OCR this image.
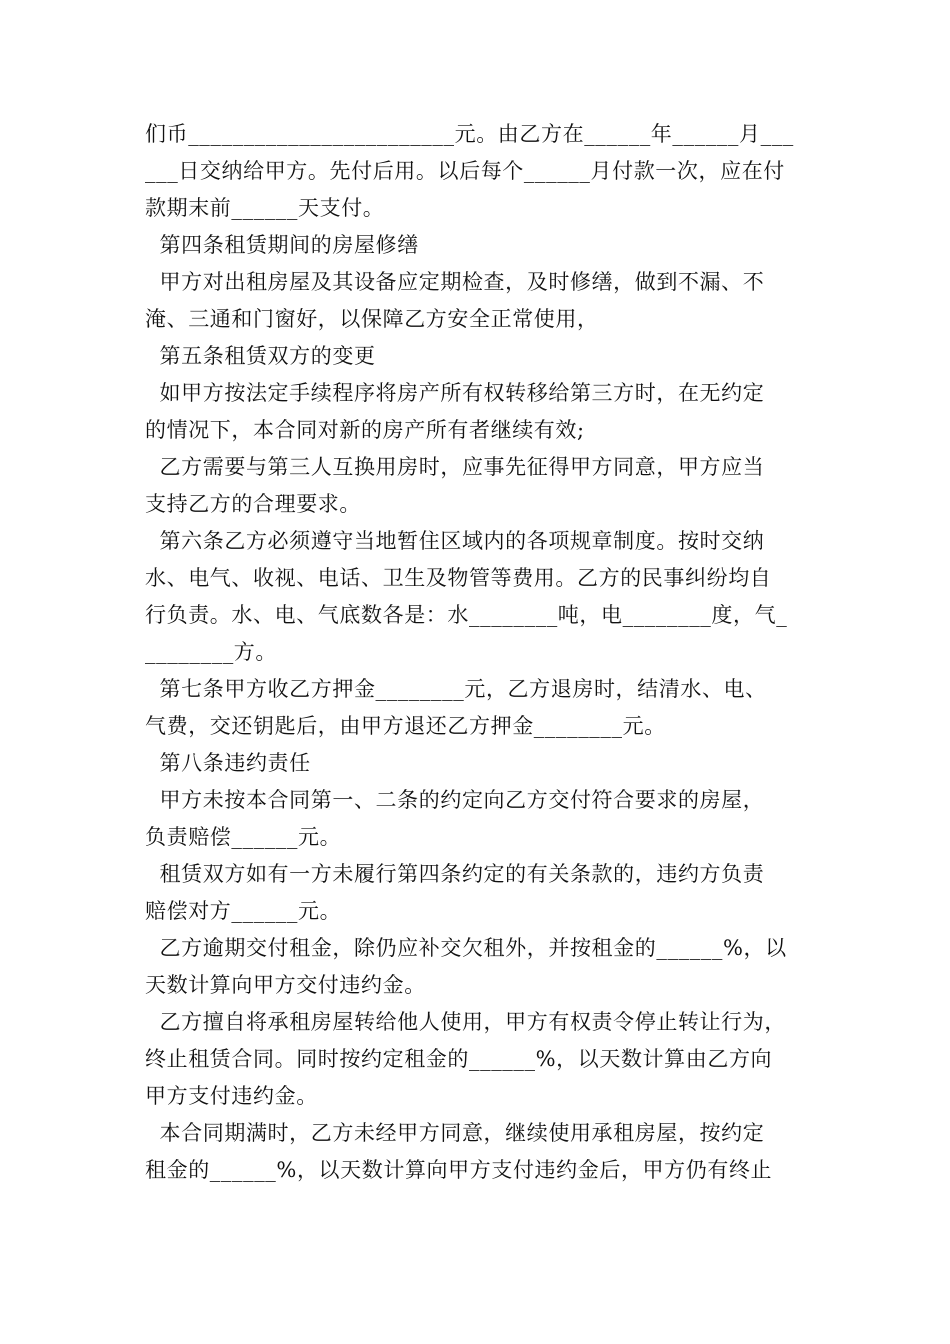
们币________________________元。由乙方在______年______月___
___日交纳给甲方。先付后用。以后每个______月付款一次，应在付
款期末前______天支付。
第四条租赁期间的房屋修缮
甲方对出租房屋及其设备应定期检查，及时修缮，做到不漏、不
淹、三通和门窗好，以保障乙方安全正常使用，
第五条租赁双方的变更
如甲方按法定手续程序将房产所有权转移给第三方时，在无约定
的情况下，本合同对新的房产所有者继续有效;
乙方需要与第三人互换用房时，应事先征得甲方同意，甲方应当
支持乙方的合理要求。
第六条乙方必须遵守当地暂住区域内的各项规章制度。按时交纳
水、电气、收视、电话、卫生及物管等费用。乙方的民事纠纷均自
行负责。水、电、气底数各是：水________吨，电________度，气_
________方。
第七条甲方收乙方押金________元，乙方退房时，结清水、电、
气费，交还钥匙后，由甲方退还乙方押金________元。
第八条违约责任
甲方未按本合同第一、二条的约定向乙方交付符合要求的房屋，
负责赔偿______元。
租赁双方如有一方未履行第四条约定的有关条款的，违约方负责
赔偿对方______元。
乙方逾期交付租金，除仍应补交欠租外，并按租金的______%，以
天数计算向甲方交付违约金。
乙方擅自将承租房屋转给他人使用，甲方有权责令停止转让行为，
终止租赁合同。同时按约定租金的______%，以天数计算由乙方向
甲方支付违约金。
本合同期满时，乙方未经甲方同意，继续使用承租房屋，按约定
租金的______%，以天数计算向甲方支付违约金后，甲方仍有终止
